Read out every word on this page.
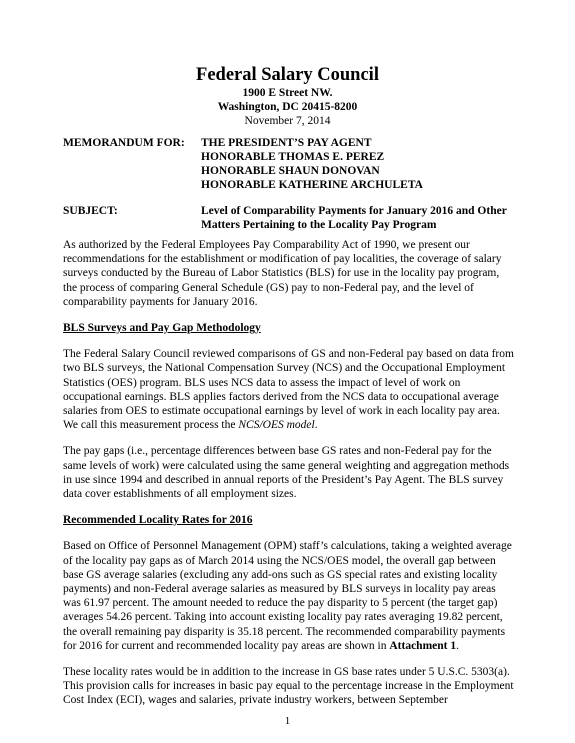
Federal Salary Council
1900 E Street NW.
Washington, DC 20415-8200
November 7, 2014
MEMORANDUM FOR:	THE PRESIDENT’S PAY AGENT
HONORABLE THOMAS E. PEREZ
HONORABLE SHAUN DONOVAN
HONORABLE KATHERINE ARCHULETA
SUBJECT:	Level of Comparability Payments for January 2016 and Other
Matters Pertaining to the Locality Pay Program

As authorized by the Federal Employees Pay Comparability Act of 1990, we present our recommendations for the establishment or modification of pay localities, the coverage of salary surveys conducted by the Bureau of Labor Statistics (BLS) for use in the locality pay program, the process of comparing General Schedule (GS) pay to non-Federal pay, and the level of comparability payments for January 2016.

BLS Surveys and Pay Gap Methodology

The Federal Salary Council reviewed comparisons of GS and non-Federal pay based on data from two BLS surveys, the National Compensation Survey (NCS) and the Occupational Employment Statistics (OES) program. BLS uses NCS data to assess the impact of level of work on occupational earnings. BLS applies factors derived from the NCS data to occupational average salaries from OES to estimate occupational earnings by level of work in each locality pay area. We call this measurement process the NCS/OES model.

The pay gaps (i.e., percentage differences between base GS rates and non-Federal pay for the same levels of work) were calculated using the same general weighting and aggregation methods in use since 1994 and described in annual reports of the President’s Pay Agent. The BLS survey data cover establishments of all employment sizes.

Recommended Locality Rates for 2016

Based on Office of Personnel Management (OPM) staff’s calculations, taking a weighted average of the locality pay gaps as of March 2014 using the NCS/OES model, the overall gap between base GS average salaries (excluding any add-ons such as GS special rates and existing locality payments) and non-Federal average salaries as measured by BLS surveys in locality pay areas was 61.97 percent. The amount needed to reduce the pay disparity to 5 percent (the target gap) averages 54.26 percent. Taking into account existing locality pay rates averaging 19.82 percent, the overall remaining pay disparity is 35.18 percent. The recommended comparability payments for 2016 for current and recommended locality pay areas are shown in Attachment 1.

These locality rates would be in addition to the increase in GS base rates under 5 U.S.C. 5303(a). This provision calls for increases in basic pay equal to the percentage increase in the Employment Cost Index (ECI), wages and salaries, private industry workers, between September

1
